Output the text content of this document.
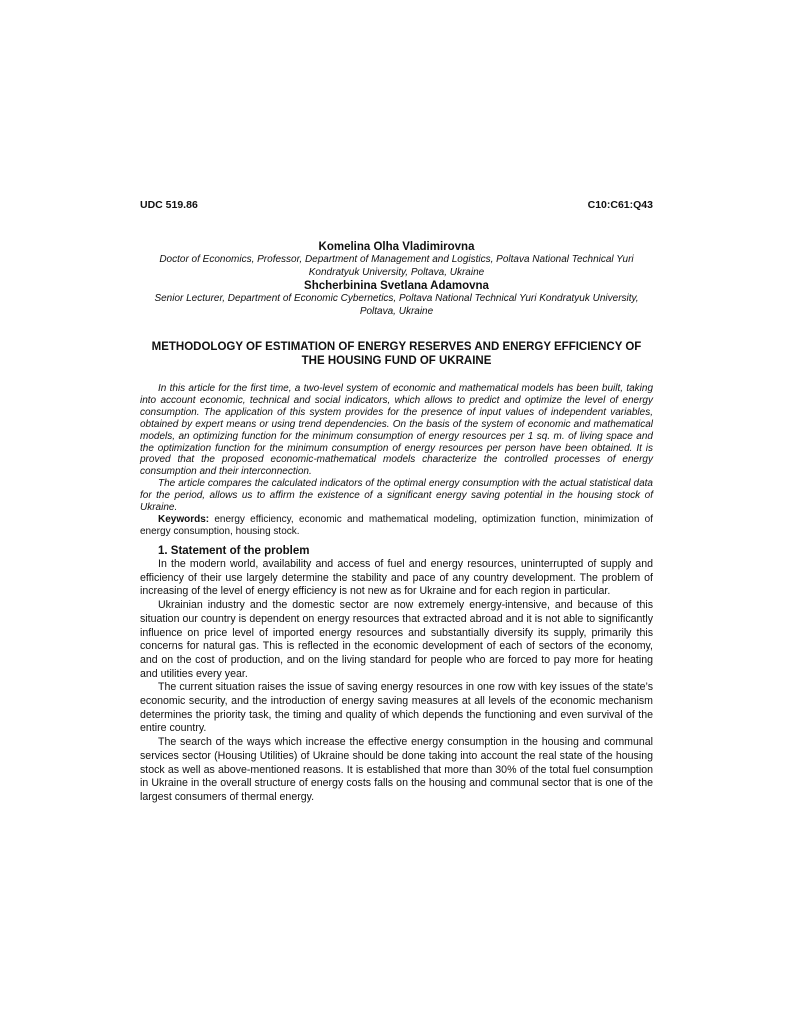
UDC 519.86	C10:C61:Q43
Komelina Olha Vladimirovna
Doctor of Economics, Professor, Department of Management and Logistics, Poltava National Technical Yuri Kondratyuk University, Poltava, Ukraine
Shcherbinina Svetlana Adamovna
Senior Lecturer, Department of Economic Cybernetics, Poltava National Technical Yuri Kondratyuk University, Poltava, Ukraine
METHODOLOGY OF ESTIMATION OF ENERGY RESERVES AND ENERGY EFFICIENCY OF THE HOUSING FUND OF UKRAINE

In this article for the first time, a two-level system of economic and mathematical models has been built, taking into account economic, technical and social indicators, which allows to predict and optimize the level of energy consumption. The application of this system provides for the presence of input values of independent variables, obtained by expert means or using trend dependencies. On the basis of the system of economic and mathematical models, an optimizing function for the minimum consumption of energy resources per 1 sq. m. of living space and the optimization function for the minimum consumption of energy resources per person have been obtained. It is proved that the proposed economic-mathematical models characterize the controlled processes of energy consumption and their interconnection.

The article compares the calculated indicators of the optimal energy consumption with the actual statistical data for the period, allows us to affirm the existence of a significant energy saving potential in the housing stock of Ukraine.

Keywords: energy efficiency, economic and mathematical modeling, optimization function, minimization of energy consumption, housing stock.

1. Statement of the problem

In the modern world, availability and access of fuel and energy resources, uninterrupted of supply and efficiency of their use largely determine the stability and pace of any country development. The problem of increasing of the level of energy efficiency is not new as for Ukraine and for each region in particular.

Ukrainian industry and the domestic sector are now extremely energy-intensive, and because of this situation our country is dependent on energy resources that extracted abroad and it is not able to significantly influence on price level of imported energy resources and substantially diversify its supply, primarily this concerns for natural gas. This is reflected in the economic development of each of sectors of the economy, and on the cost of production, and on the living standard for people who are forced to pay more for heating and utilities every year.

The current situation raises the issue of saving energy resources in one row with key issues of the state’s economic security, and the introduction of energy saving measures at all levels of the economic mechanism determines the priority task, the timing and quality of which depends the functioning and even survival of the entire country.

The search of the ways which increase the effective energy consumption in the housing and communal services sector (Housing Utilities) of Ukraine should be done taking into account the real state of the housing stock as well as above-mentioned reasons. It is established that more than 30% of the total fuel consumption in Ukraine in the overall structure of energy costs falls on the housing and communal sector that is one of the largest consumers of thermal energy.
